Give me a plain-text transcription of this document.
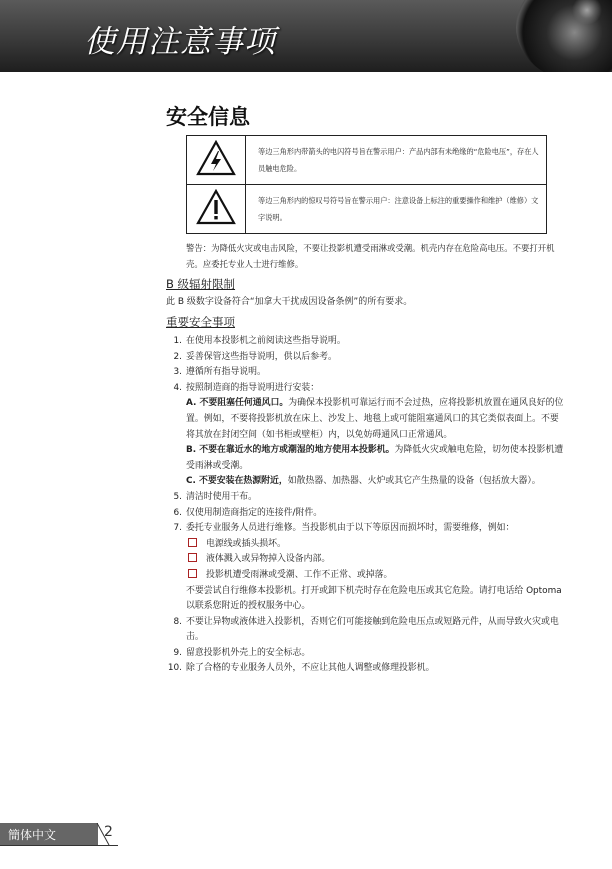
使用注意事项
安全信息
	等边三角形内带箭头的电闪符号旨在警示用户：产品内部有未绝缘的“危险电压”，存在人员触电危险。
	等边三角形内的惊叹号符号旨在警示用户：注意设备上标注的重要操作和维护（维修）文字说明。
警告：为降低火灾或电击风险，不要让投影机遭受雨淋或受潮。机壳内存在危险高电压。不要打开机壳。应委托专业人士进行维修。
B 级辐射限制
此 B 级数字设备符合“加拿大干扰成因设备条例”的所有要求。
重要安全事项
1. 在使用本投影机之前阅读这些指导说明。
2. 妥善保管这些指导说明，供以后参考。
3. 遵循所有指导说明。
4. 按照制造商的指导说明进行安装：
A. 不要阻塞任何通风口。为确保本投影机可靠运行而不会过热，应将投影机放置在通风良好的位置。例如，不要将投影机放在床上、沙发上、地毯上或可能阻塞通风口的其它类似表面上。不要将其放在封闭空间（如书柜或壁柜）内，以免妨碍通风口正常通风。
B. 不要在靠近水的地方或潮湿的地方使用本投影机。为降低火灾或触电危险，切勿使本投影机遭受雨淋或受潮。
C. 不要安装在热源附近，如散热器、加热器、火炉或其它产生热量的设备（包括放大器）。
5. 清洁时使用干布。
6. 仅使用制造商指定的连接件/附件。
7. 委托专业服务人员进行维修。当投影机由于以下等原因而损坏时，需要维修，例如：
电源线或插头损坏。
液体溅入或异物掉入设备内部。
投影机遭受雨淋或受潮、工作不正常、或掉落。
不要尝试自行维修本投影机。打开或卸下机壳时存在危险电压或其它危险。请打电话给 Optoma 以联系您附近的授权服务中心。
8. 不要让异物或液体进入投影机，否则它们可能接触到危险电压点或短路元件，从而导致火灾或电击。
9. 留意投影机外壳上的安全标志。
10. 除了合格的专业服务人员外，不应让其他人调整或修理投影机。
簡体中文	2
